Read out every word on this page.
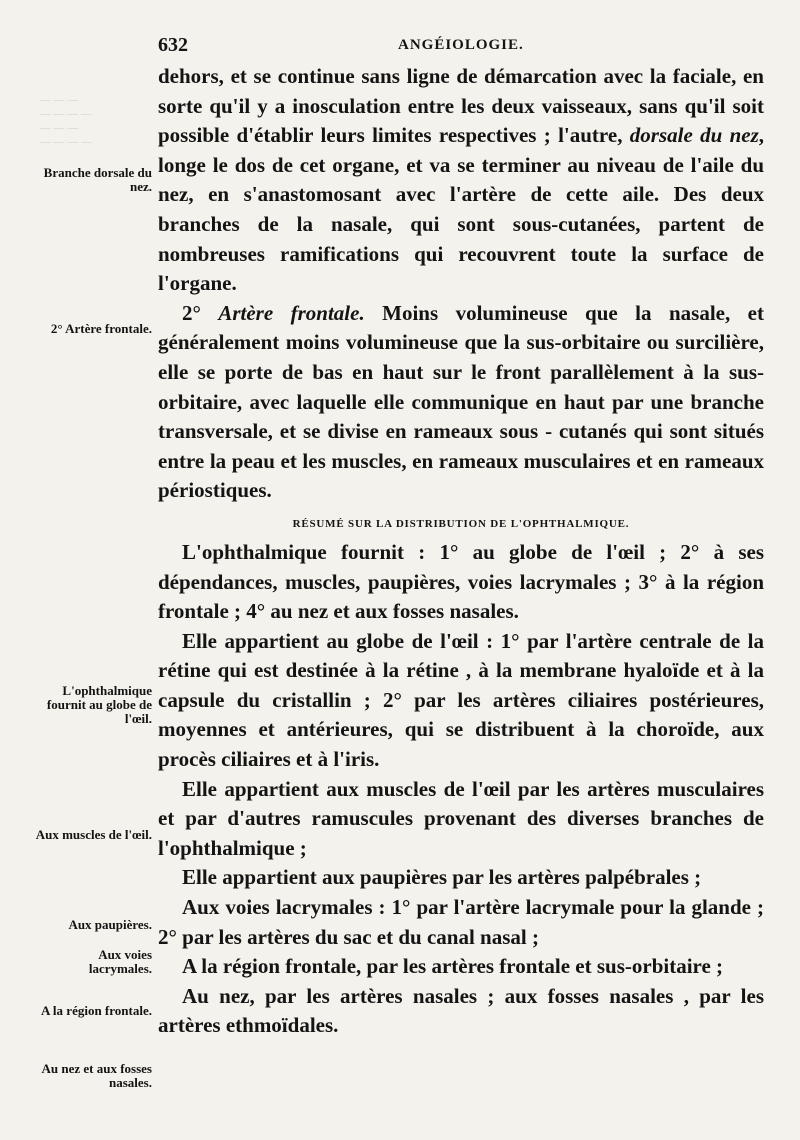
— — —
— — — —
— — —
— — — —
632	ANGÉIOLOGIE.
Branche dorsale du nez.
2° Artère frontale.
L'ophthalmique fournit au globe de l'œil.
Aux muscles de l'œil.
Aux paupières.
Aux voies lacrymales.
A la région frontale.
Au nez et aux fosses nasales.

dehors, et se continue sans ligne de démarcation avec la faciale, en sorte qu'il y a inosculation entre les deux vaisseaux, sans qu'il soit possible d'établir leurs limites respectives ; l'autre, dorsale du nez, longe le dos de cet organe, et va se terminer au niveau de l'aile du nez, en s'anastomosant avec l'artère de cette aile. Des deux branches de la nasale, qui sont sous-cutanées, partent de nombreuses ramifications qui recouvrent toute la surface de l'organe.

2° Artère frontale. Moins volumineuse que la nasale, et généralement moins volumineuse que la sus-orbitaire ou surcilière, elle se porte de bas en haut sur le front parallèlement à la sus-orbitaire, avec laquelle elle communique en haut par une branche transversale, et se divise en rameaux sous - cutanés qui sont situés entre la peau et les muscles, en rameaux musculaires et en rameaux périostiques.

RÉSUMÉ SUR LA DISTRIBUTION DE L'OPHTHALMIQUE.

L'ophthalmique fournit : 1° au globe de l'œil ; 2° à ses dépendances, muscles, paupières, voies lacrymales ; 3° à la région frontale ; 4° au nez et aux fosses nasales.

Elle appartient au globe de l'œil : 1° par l'artère centrale de la rétine qui est destinée à la rétine , à la membrane hyaloïde et à la capsule du cristallin ; 2° par les artères ciliaires postérieures, moyennes et antérieures, qui se distribuent à la choroïde, aux procès ciliaires et à l'iris.

Elle appartient aux muscles de l'œil par les artères musculaires et par d'autres ramuscules provenant des diverses branches de l'ophthalmique ;

Elle appartient aux paupières par les artères palpébrales ;

Aux voies lacrymales : 1° par l'artère lacrymale pour la glande ; 2° par les artères du sac et du canal nasal ;

A la région frontale, par les artères frontale et sus-orbitaire ;

Au nez, par les artères nasales ; aux fosses nasales , par les artères ethmoïdales.
